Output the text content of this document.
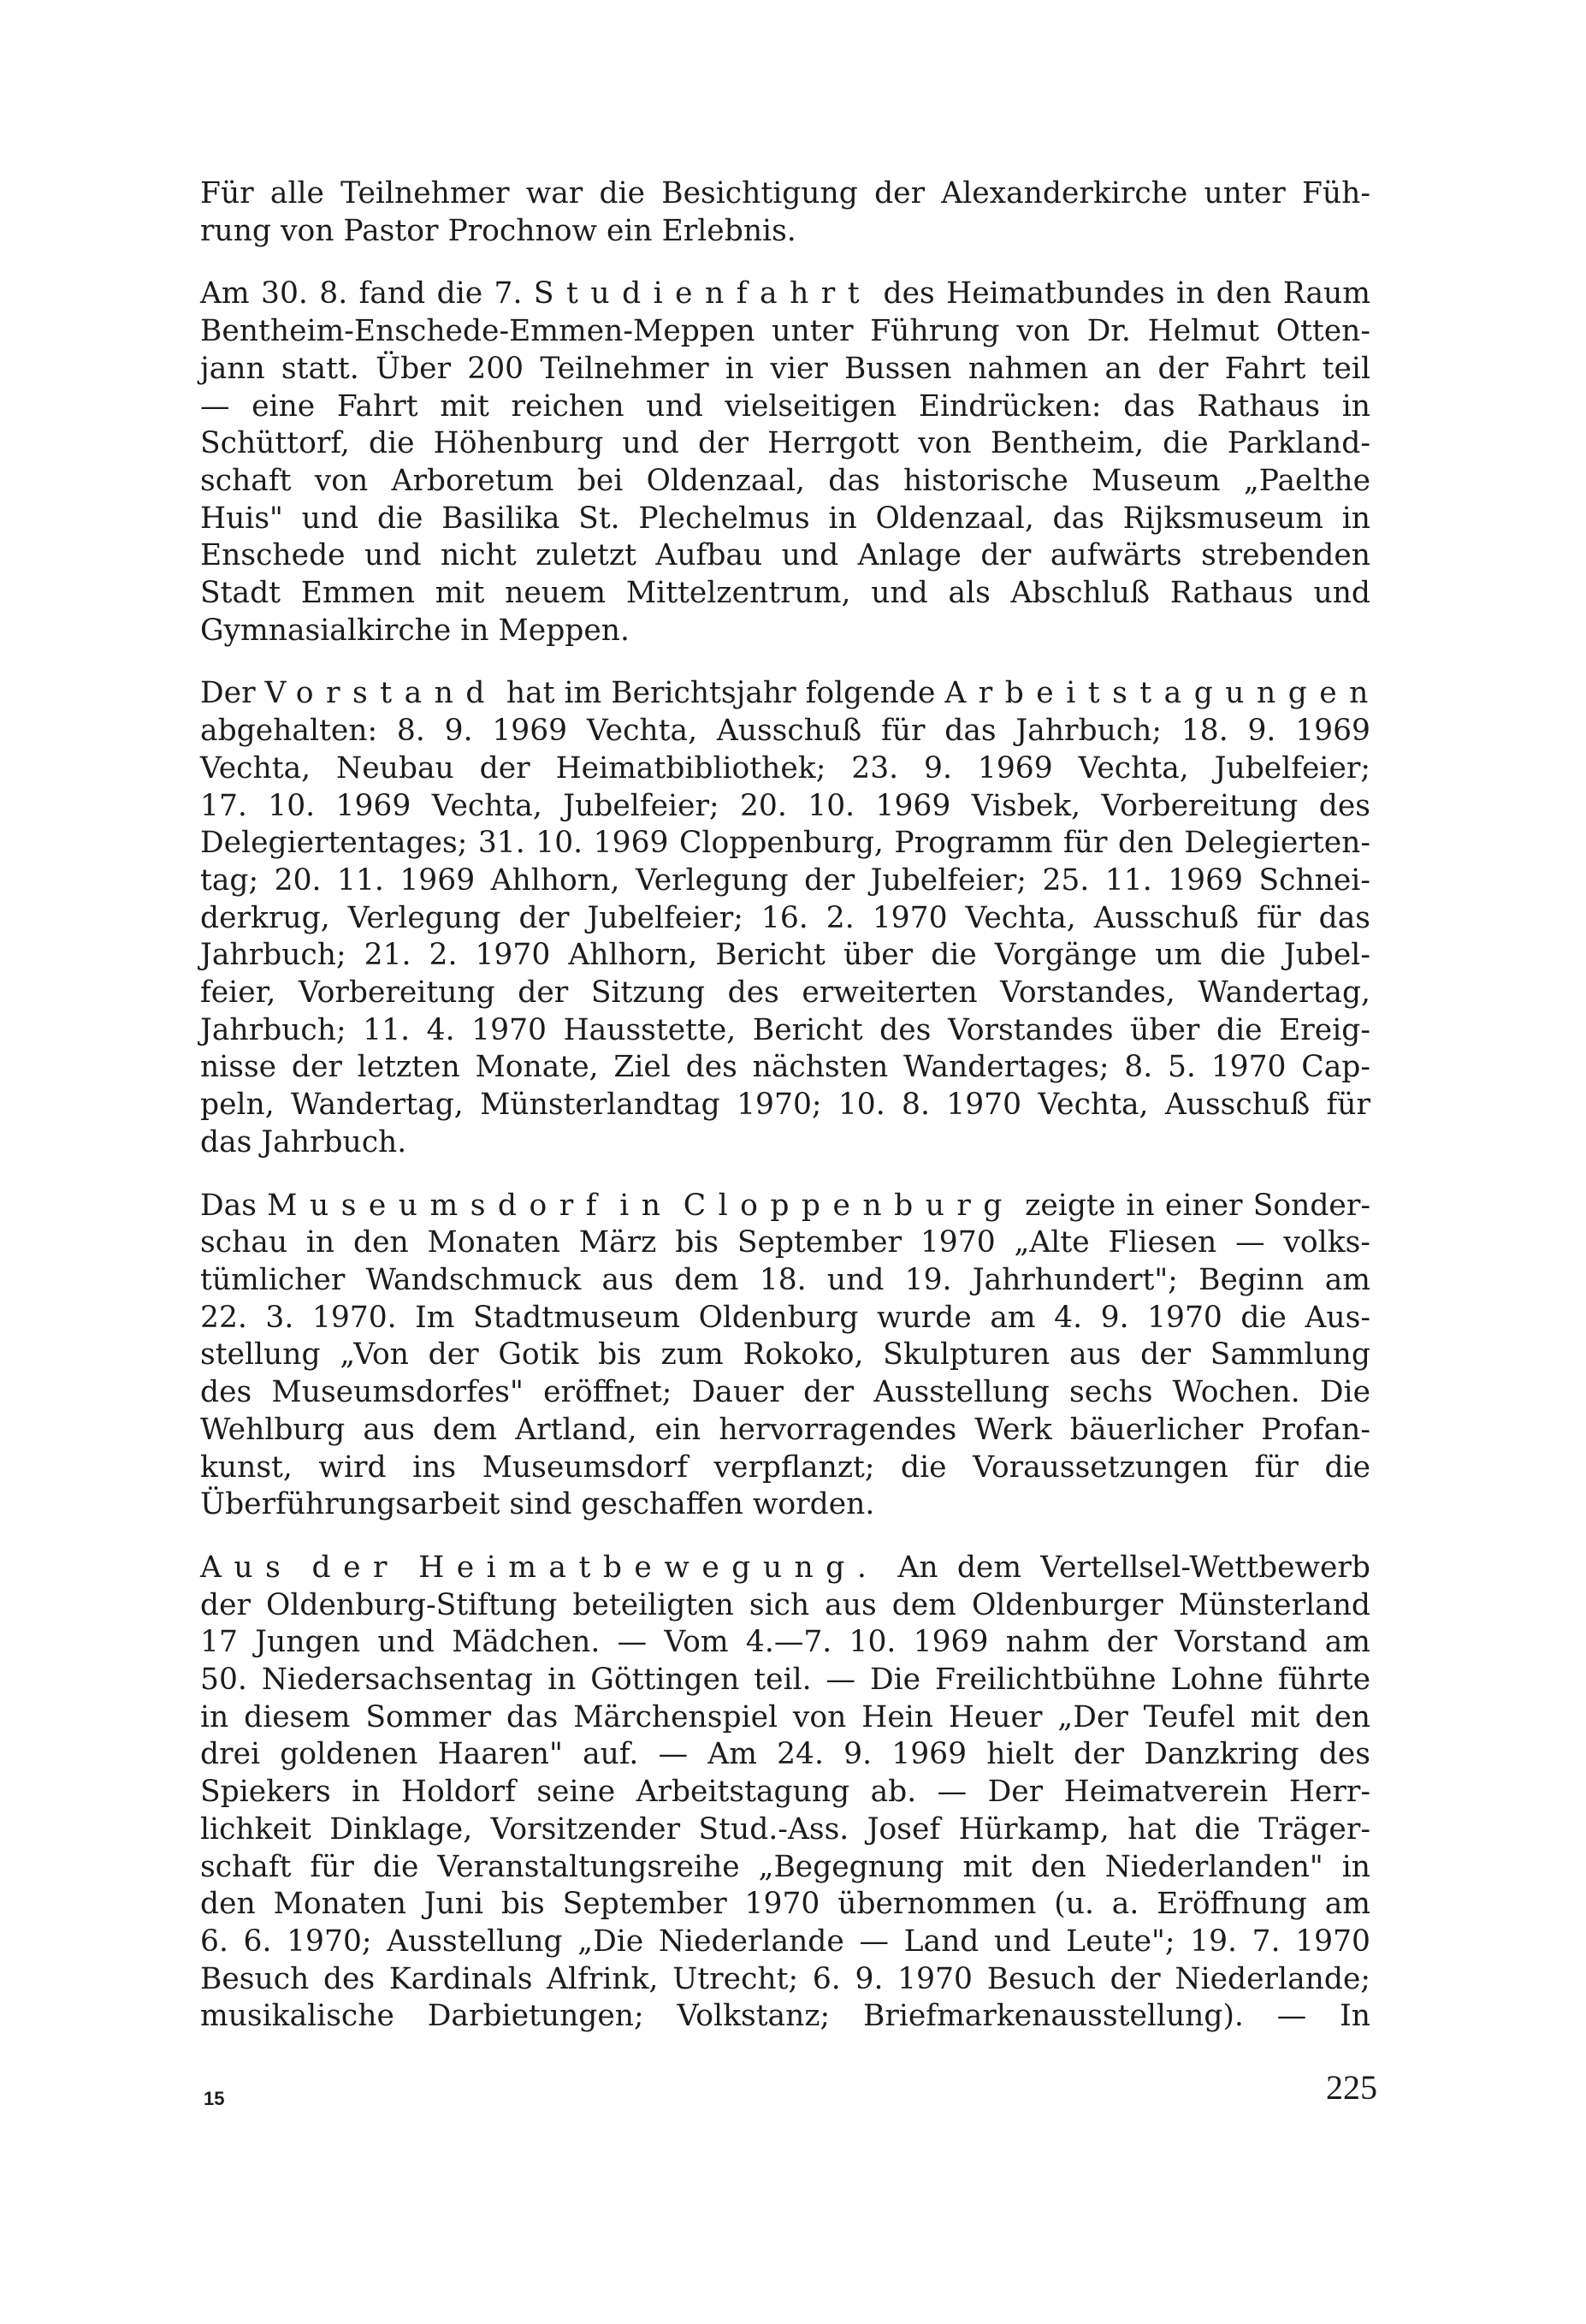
Für alle Teilnehmer war die Besichtigung der Alexanderkirche unter Füh-
rung von Pastor Prochnow ein Erlebnis.

Am 30. 8. fand die 7. Studienfahrt des Heimatbundes in den Raum
Bentheim-Enschede-Emmen-Meppen unter Führung von Dr. Helmut Otten-
jann statt. Über 200 Teilnehmer in vier Bussen nahmen an der Fahrt teil
— eine Fahrt mit reichen und vielseitigen Eindrücken: das Rathaus in
Schüttorf, die Höhenburg und der Herrgott von Bentheim, die Parkland-
schaft von Arboretum bei Oldenzaal, das historische Museum „Paelthe
Huis" und die Basilika St. Plechelmus in Oldenzaal, das Rijksmuseum in
Enschede und nicht zuletzt Aufbau und Anlage der aufwärts strebenden
Stadt Emmen mit neuem Mittelzentrum, und als Abschluß Rathaus und
Gymnasialkirche in Meppen.

Der Vorstand hat im Berichtsjahr folgende Arbeitstagungen
abgehalten: 8. 9. 1969 Vechta, Ausschuß für das Jahrbuch; 18. 9. 1969
Vechta, Neubau der Heimatbibliothek; 23. 9. 1969 Vechta, Jubelfeier;
17. 10. 1969 Vechta, Jubelfeier; 20. 10. 1969 Visbek, Vorbereitung des
Delegiertentages; 31. 10. 1969 Cloppenburg, Programm für den Delegierten-
tag; 20. 11. 1969 Ahlhorn, Verlegung der Jubelfeier; 25. 11. 1969 Schnei-
derkrug, Verlegung der Jubelfeier; 16. 2. 1970 Vechta, Ausschuß für das
Jahrbuch; 21. 2. 1970 Ahlhorn, Bericht über die Vorgänge um die Jubel-
feier, Vorbereitung der Sitzung des erweiterten Vorstandes, Wandertag,
Jahrbuch; 11. 4. 1970 Hausstette, Bericht des Vorstandes über die Ereig-
nisse der letzten Monate, Ziel des nächsten Wandertages; 8. 5. 1970 Cap-
peln, Wandertag, Münsterlandtag 1970; 10. 8. 1970 Vechta, Ausschuß für
das Jahrbuch.

Das Museumsdorf in Cloppenburg zeigte in einer Sonder-
schau in den Monaten März bis September 1970 „Alte Fliesen — volks-
tümlicher Wandschmuck aus dem 18. und 19. Jahrhundert"; Beginn am
22. 3. 1970. Im Stadtmuseum Oldenburg wurde am 4. 9. 1970 die Aus-
stellung „Von der Gotik bis zum Rokoko, Skulpturen aus der Sammlung
des Museumsdorfes" eröffnet; Dauer der Ausstellung sechs Wochen. Die
Wehlburg aus dem Artland, ein hervorragendes Werk bäuerlicher Profan-
kunst, wird ins Museumsdorf verpflanzt; die Voraussetzungen für die
Überführungsarbeit sind geschaffen worden.

Aus der Heimatbewegung. An dem Vertellsel-Wettbewerb
der Oldenburg-Stiftung beteiligten sich aus dem Oldenburger Münsterland
17 Jungen und Mädchen. — Vom 4.—7. 10. 1969 nahm der Vorstand am
50. Niedersachsentag in Göttingen teil. — Die Freilichtbühne Lohne führte
in diesem Sommer das Märchenspiel von Hein Heuer „Der Teufel mit den
drei goldenen Haaren" auf. — Am 24. 9. 1969 hielt der Danzkring des
Spiekers in Holdorf seine Arbeitstagung ab. — Der Heimatverein Herr-
lichkeit Dinklage, Vorsitzender Stud.-Ass. Josef Hürkamp, hat die Träger-
schaft für die Veranstaltungsreihe „Begegnung mit den Niederlanden" in
den Monaten Juni bis September 1970 übernommen (u. a. Eröffnung am
6. 6. 1970; Ausstellung „Die Niederlande — Land und Leute"; 19. 7. 1970
Besuch des Kardinals Alfrink, Utrecht; 6. 9. 1970 Besuch der Niederlande;
musikalische Darbietungen; Volkstanz; Briefmarkenausstellung). — In

15	225
